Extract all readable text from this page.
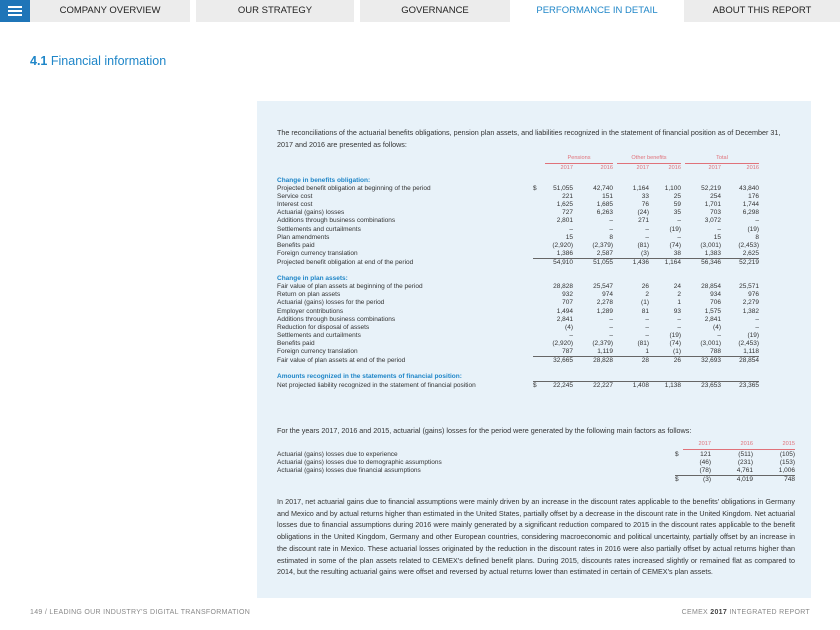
COMPANY OVERVIEW	OUR STRATEGY	GOVERNANCE	PERFORMANCE IN DETAIL	ABOUT THIS REPORT
4.1 Financial information
The reconciliations of the actuarial benefits obligations, pension plan assets, and liabilities recognized in the statement of financial position as of December 31, 2017 and 2016 are presented as follows:
Pensions	Other benefits	Total
2017	2016	2017	2016	2017	2016
Change in benefits obligation:							
Projected benefit obligation at beginning of the period	$	51,055	42,740	1,164	1,100	52,219	43,840
Service cost		221	151	33	25	254	176
Interest cost		1,625	1,685	76	59	1,701	1,744
Actuarial (gains) losses		727	6,263	(24)	35	703	6,298
Additions through business combinations		2,801	–	271	–	3,072	–
Settlements and curtailments		–	–	–	(19)	–	(19)
Plan amendments		15	8	–	–	15	8
Benefits paid		(2,920)	(2,379)	(81)	(74)	(3,001)	(2,453)
Foreign currency translation		1,386	2,587	(3)	38	1,383	2,625
Projected benefit obligation at end of the period		54,910	51,055	1,436	1,164	56,346	52,219

Change in plan assets:							
Fair value of plan assets at beginning of the period		28,828	25,547	26	24	28,854	25,571
Return on plan assets		932	974	2	2	934	976
Actuarial (gains) losses for the period		707	2,278	(1)	1	706	2,279
Employer contributions		1,494	1,289	81	93	1,575	1,382
Additions through business combinations		2,841	–	–	–	2,841	–
Reduction for disposal of assets		(4)	–	–	–	(4)	–
Settlements and curtailments		–	–	–	(19)	–	(19)
Benefits paid		(2,920)	(2,379)	(81)	(74)	(3,001)	(2,453)
Foreign currency translation		787	1,119	1	(1)	788	1,118
Fair value of plan assets at end of the period		32,665	28,828	28	26	32,693	28,854

Amounts recognized in the statements of financial position:							
Net projected liability recognized in the statement of financial position	$	22,245	22,227	1,408	1,138	23,653	23,365
For the years 2017, 2016 and 2015, actuarial (gains) losses for the period were generated by the following main factors as follows:
2017	2016	2015
Actuarial (gains) losses due to experience	$	121	(511)	(105)
Actuarial (gains) losses due to demographic assumptions		(46)	(231)	(153)
Actuarial (gains) losses due financial assumptions		(78)	4,761	1,006
	$	(3)	4,019	748
In 2017, net actuarial gains due to financial assumptions were mainly driven by an increase in the discount rates applicable to the benefits' obligations in Germany and Mexico and by actual returns higher than estimated in the United States, partially offset by a decrease in the discount rate in the United Kingdom. Net actuarial losses due to financial assumptions during 2016 were mainly generated by a significant reduction compared to 2015 in the discount rates applicable to the benefit obligations in the United Kingdom, Germany and other European countries, considering macroeconomic and political uncertainty, partially offset by an increase in the discount rate in Mexico. These actuarial losses originated by the reduction in the discount rates in 2016 were also partially offset by actual returns higher than estimated in some of the plan assets related to CEMEX's defined benefit plans. During 2015, discounts rates increased slightly or remained flat as compared to 2014, but the resulting actuarial gains were offset and reversed by actual returns lower than estimated in certain of CEMEX's plan assets.
149 / LEADING OUR INDUSTRY'S DIGITAL TRANSFORMATION	CEMEX 2017 INTEGRATED REPORT
